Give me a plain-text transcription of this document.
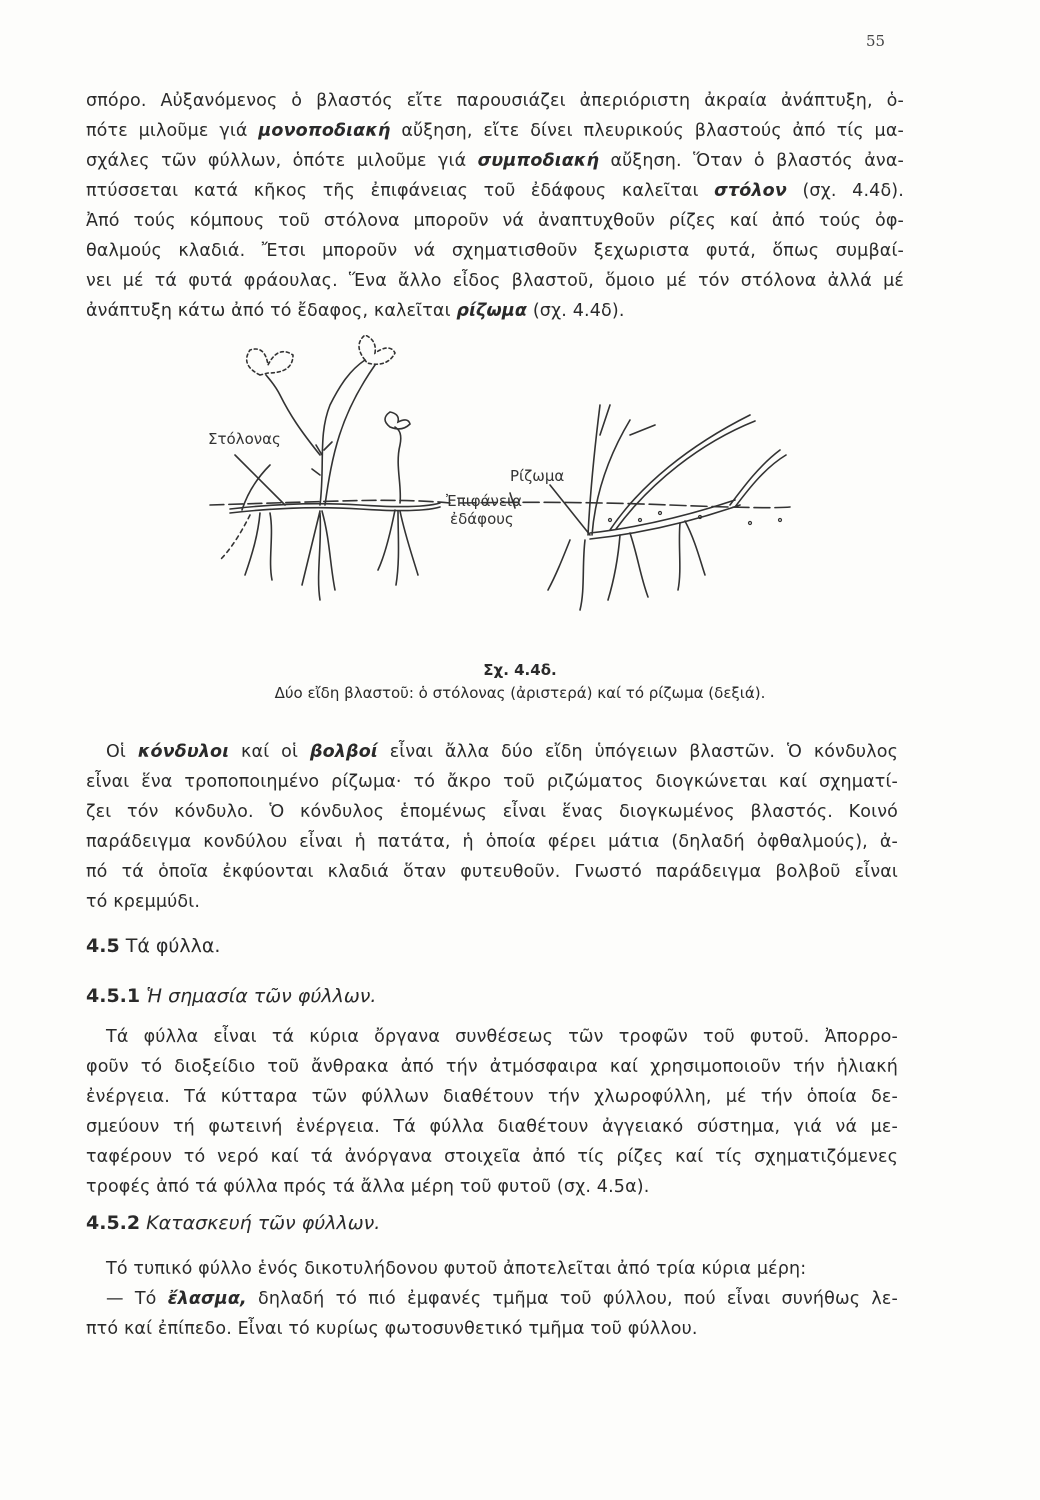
55

σπόρο. Αὐξανόμενος ὁ βλαστός εἴτε παρουσιάζει ἀπεριόριστη ἀκραία ἀνάπτυξη, ὁ-

πότε μιλοῦμε γιά μονοποδιακή αὔξηση, εἴτε δίνει πλευρικούς βλαστούς ἀπό τίς μα-

σχάλες τῶν φύλλων, ὁπότε μιλοῦμε γιά συμποδιακή αὔξηση. Ὅταν ὁ βλαστός ἀνα-

πτύσσεται κατά κῆκος τῆς ἐπιφάνειας τοῦ ἐδάφους καλεῖται στόλον (σχ. 4.4δ).

Ἀπό τούς κόμπους τοῦ στόλονα μποροῦν νά ἀναπτυχθοῦν ρίζες καί ἀπό τούς ὀφ-

θαλμούς κλαδιά. Ἔτσι μποροῦν νά σχηματισθοῦν ξεχωριστα φυτά, ὅπως συμβαί-

νει μέ τά φυτά φράουλας. Ἕνα ἄλλο εἶδος βλαστοῦ, ὅμοιο μέ τόν στόλονα ἀλλά μέ

ἀνάπτυξη κάτω ἀπό τό ἔδαφος, καλεῖται ρίζωμα (σχ. 4.4δ).

Στόλονας
Ρίζωμα
Ἐπιφάνεια
ἐδάφους
Σχ. 4.4δ.
Δύο εἴδη βλαστοῦ: ὁ στόλονας (ἀριστερά) καί τό ρίζωμα (δεξιά).

Οἱ κόνδυλοι καί οἱ βολβοί εἶναι ἄλλα δύο εἴδη ὑπόγειων βλαστῶν. Ὁ κόνδυλος

εἶναι ἕνα τροποποιημένο ρίζωμα· τό ἄκρο τοῦ ριζώματος διογκώνεται καί σχηματί-

ζει τόν κόνδυλο. Ὁ κόνδυλος ἑπομένως εἶναι ἕνας διογκωμένος βλαστός. Κοινό

παράδειγμα κονδύλου εἶναι ἡ πατάτα, ἡ ὁποία φέρει μάτια (δηλαδή ὀφθαλμούς), ἀ-

πό τά ὁποῖα ἐκφύονται κλαδιά ὅταν φυτευθοῦν. Γνωστό παράδειγμα βολβοῦ εἶναι

τό κρεμμύδι.

4.5 Τά φύλλα.
4.5.1 Ἡ σημασία τῶν φύλλων.

Τά φύλλα εἶναι τά κύρια ὄργανα συνθέσεως τῶν τροφῶν τοῦ φυτοῦ. Ἀπορρο-

φοῦν τό διοξείδιο τοῦ ἄνθρακα ἀπό τήν ἀτμόσφαιρα καί χρησιμοποιοῦν τήν ἡλιακή

ἐνέργεια. Τά κύτταρα τῶν φύλλων διαθέτουν τήν χλωροφύλλη, μέ τήν ὁποία δε-

σμεύουν τή φωτεινή ἐνέργεια. Τά φύλλα διαθέτουν ἀγγειακό σύστημα, γιά νά με-

ταφέρουν τό νερό καί τά ἀνόργανα στοιχεῖα ἀπό τίς ρίζες καί τίς σχηματιζόμενες

τροφές ἀπό τά φύλλα πρός τά ἄλλα μέρη τοῦ φυτοῦ (σχ. 4.5α).

4.5.2 Κατασκευή τῶν φύλλων.

Τό τυπικό φύλλο ἑνός δικοτυλήδονου φυτοῦ ἀποτελεῖται ἀπό τρία κύρια μέρη:

— Τό ἔλασμα, δηλαδή τό πιό ἐμφανές τμῆμα τοῦ φύλλου, πού εἶναι συνήθως λε-

πτό καί ἐπίπεδο. Εἶναι τό κυρίως φωτοσυνθετικό τμῆμα τοῦ φύλλου.
